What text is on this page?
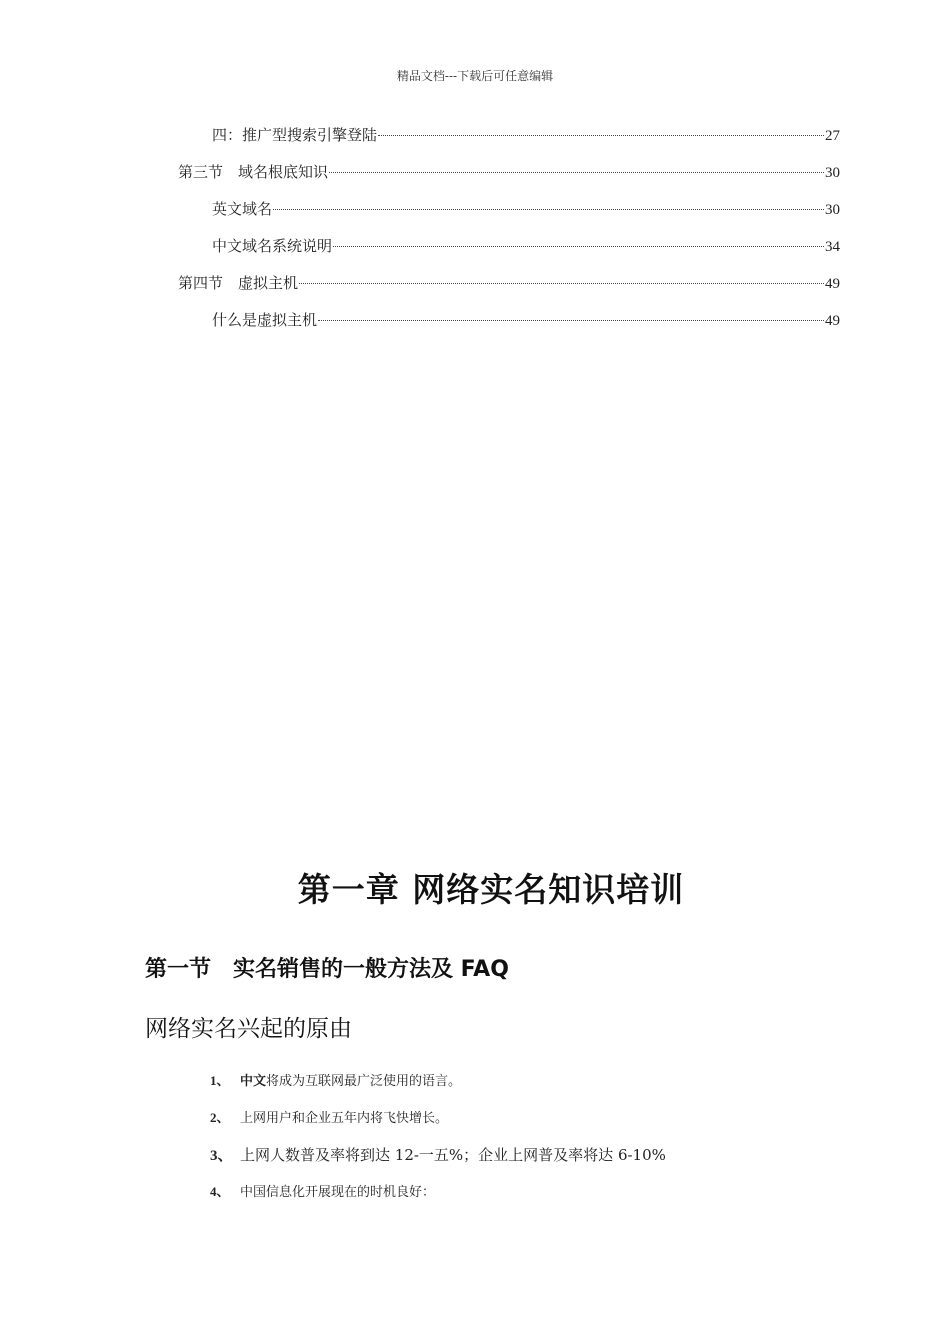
精品文档---下载后可任意编辑
四：推广型搜索引擎登陆	27
第三节　域名根底知识	30
英文域名	30
中文域名系统说明	34
第四节　虚拟主机	49
什么是虚拟主机	49
第一章 网络实名知识培训
第一节　实名销售的一般方法及 FAQ
网络实名兴起的原由
1、 中文 将成为互联网最广泛使用的语言。
2、 上网用户和企业五年内将飞快增长。
3、 上网人数普及率将到达 12-一五%；企业上网普及率将达 6-10%
4、 中国信息化开展现在的时机良好：
